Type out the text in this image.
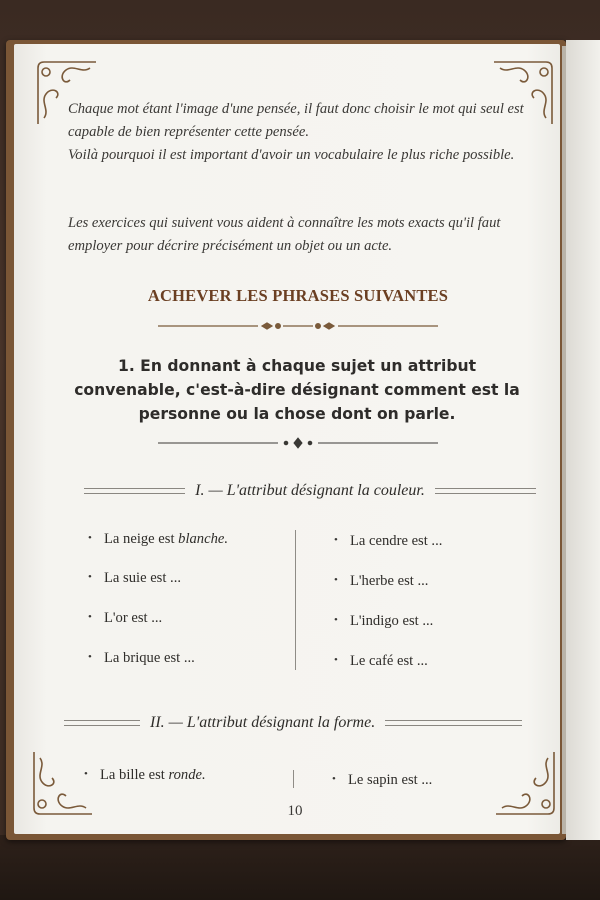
Chaque mot étant l'image d'une pensée, il faut donc choisir le mot qui seul est capable de bien représenter cette pensée.

Voilà pourquoi il est important d'avoir un vocabulaire le plus riche possible.

Les exercices qui suivent vous aident à connaître les mots exacts qu'il faut employer pour décrire précisément un objet ou un acte.

ACHEVER LES PHRASES SUIVANTES

1. En donnant à chaque sujet un attribut convenable, c'est-à-dire désignant comment est la personne ou la chose dont on parle.

I. — L'attribut désignant la couleur.
• La neige est blanche.
• La suie est ...
• L'or est ...
• La brique est ...
• La cendre est ...
• L'herbe est ...
• L'indigo est ...
• Le café est ...
II. — L'attribut désignant la forme.
• La bille est ronde.	• Le sapin est ...
10
